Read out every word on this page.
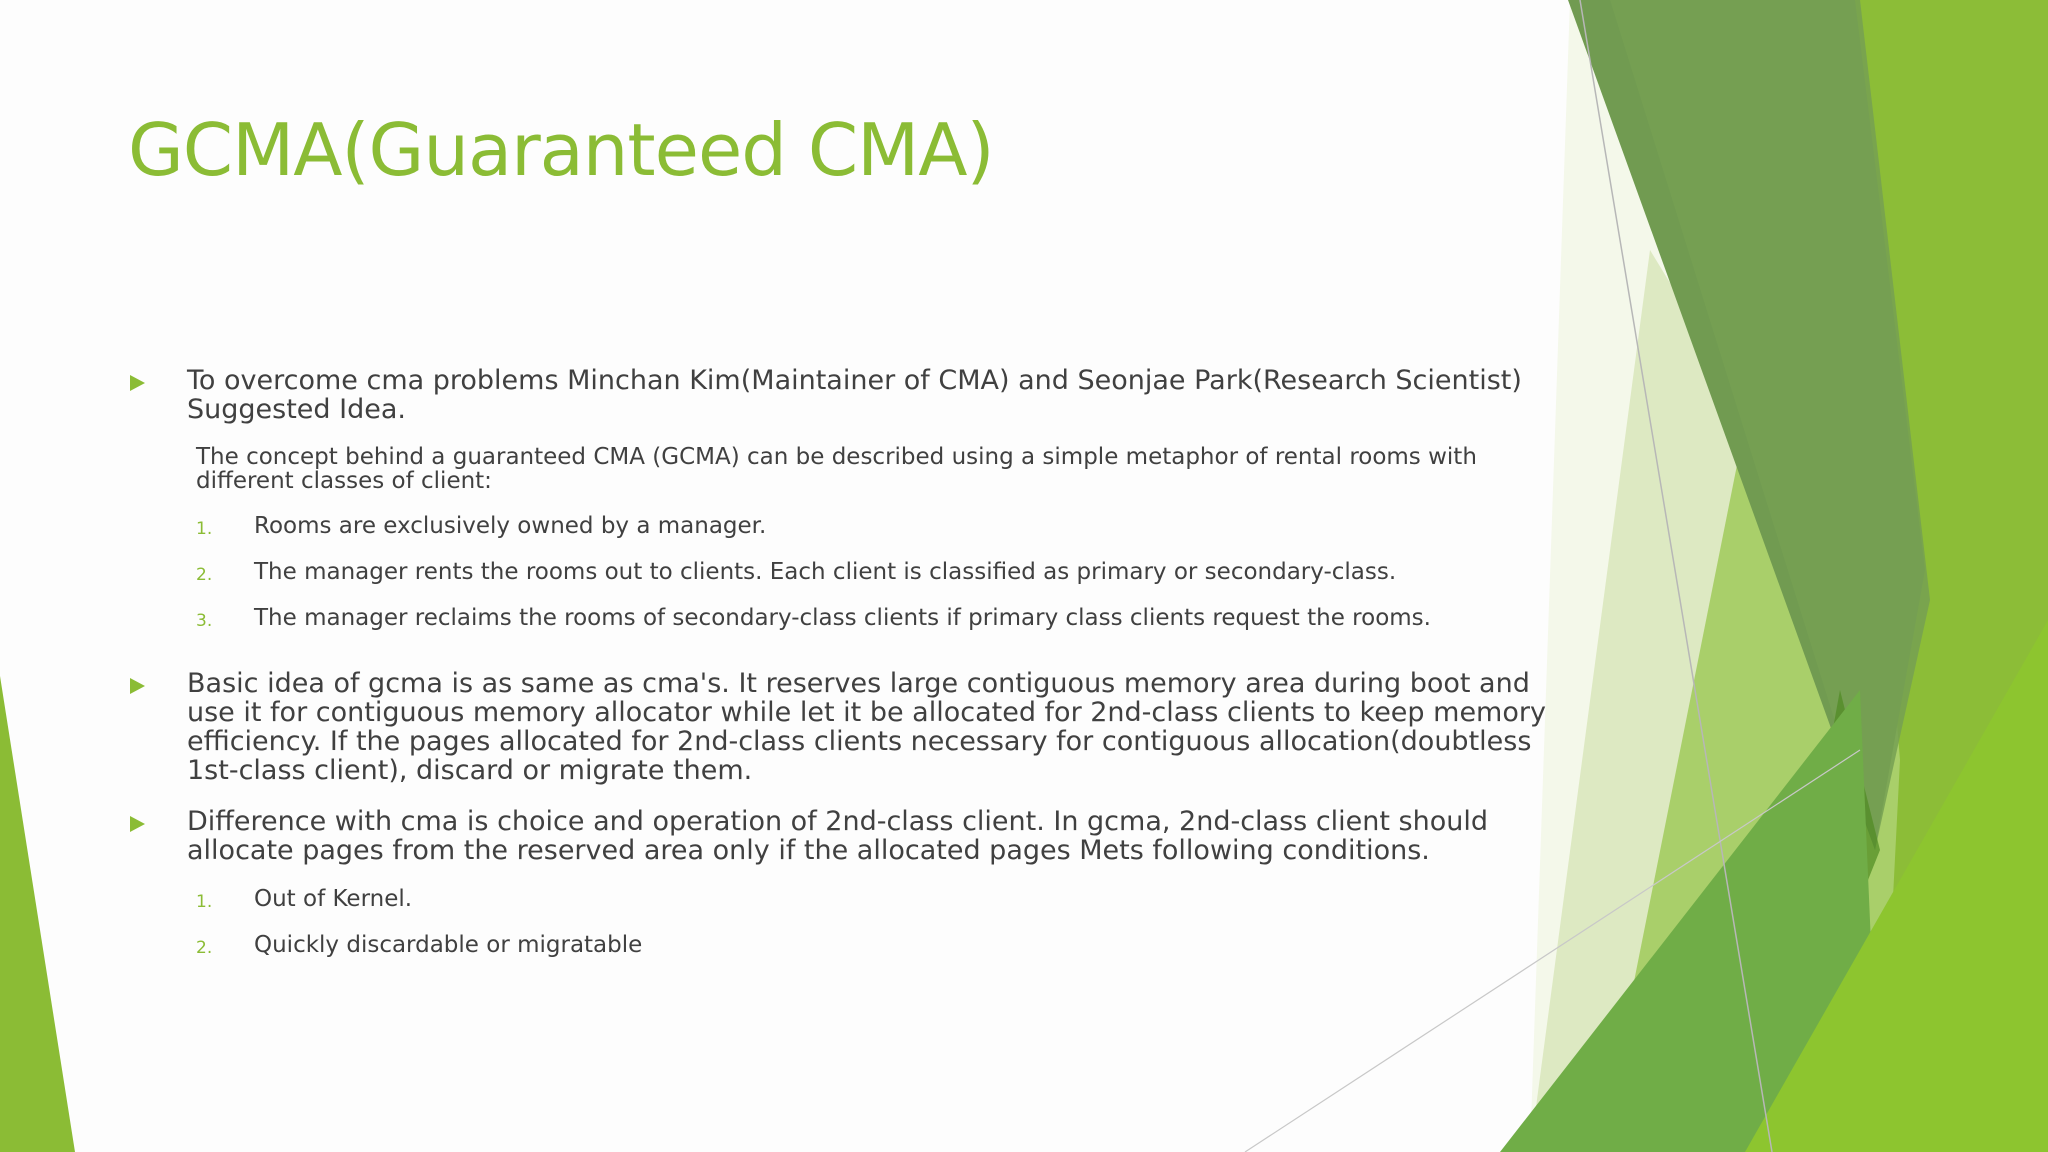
GCMA(Guaranteed CMA)
To overcome cma problems Minchan Kim(Maintainer of CMA) and Seonjae Park(Research Scientist) Suggested Idea.
The concept behind a guaranteed CMA (GCMA) can be described using a simple metaphor of rental rooms with different classes of client:
1. Rooms are exclusively owned by a manager.
2. The manager rents the rooms out to clients. Each client is classified as primary or secondary-class.
3. The manager reclaims the rooms of secondary-class clients if primary class clients request the rooms.
Basic idea of gcma is as same as cma's. It reserves large contiguous memory area during boot and use it for contiguous memory allocator while let it be allocated for 2nd-class clients to keep memory efficiency. If the pages allocated for 2nd-class clients necessary for contiguous allocation(doubtless 1st-class client), discard or migrate them.
Difference with cma is choice and operation of 2nd-class client. In gcma, 2nd-class client should allocate pages from the reserved area only if the allocated pages Mets following conditions.
1. Out of Kernel.
2. Quickly discardable or migratable
